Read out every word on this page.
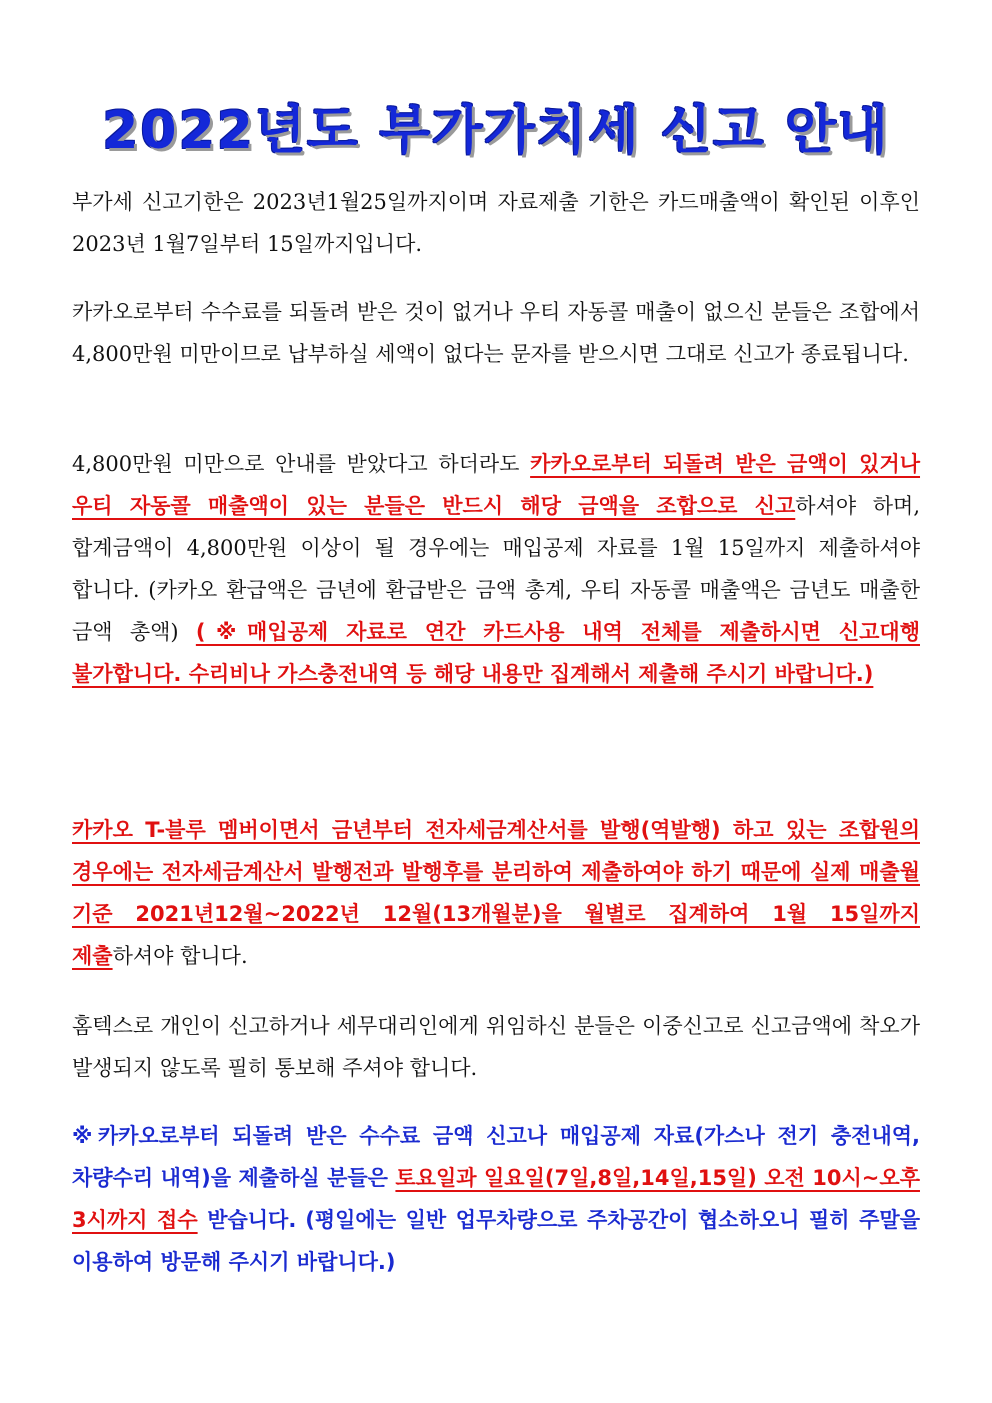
2022년도 부가가치세 신고 안내
부가세 신고기한은 2023년1월25일까지이며 자료제출 기한은 카드매출액이 확인된 이후인 2023년 1월7일부터 15일까지입니다.
카카오로부터 수수료를 되돌려 받은 것이 없거나 우티 자동콜 매출이 없으신 분들은 조합에서 4,800만원 미만이므로 납부하실 세액이 없다는 문자를 받으시면 그대로 신고가 종료됩니다.
4,800만원 미만으로 안내를 받았다고 하더라도 카카오로부터 되돌려 받은 금액이 있거나 우티 자동콜 매출액이 있는 분들은 반드시 해당 금액을 조합으로 신고하셔야 하며, 합계금액이 4,800만원 이상이 될 경우에는 매입공제 자료를 1월 15일까지 제출하셔야 합니다. (카카오 환급액은 금년에 환급받은 금액 총계, 우티 자동콜 매출액은 금년도 매출한 금액 총액) (※매입공제 자료로 연간 카드사용 내역 전체를 제출하시면 신고대행 불가합니다. 수리비나 가스충전내역 등 해당 내용만 집계해서 제출해 주시기 바랍니다.)
카카오 T-블루 멤버이면서 금년부터 전자세금계산서를 발행(역발행) 하고 있는 조합원의 경우에는 전자세금계산서 발행전과 발행후를 분리하여 제출하여야 하기 때문에 실제 매출월 기준 2021년12월~2022년 12월(13개월분)을 월별로 집계하여 1월 15일까지 제출하셔야 합니다.
홈텍스로 개인이 신고하거나 세무대리인에게 위임하신 분들은 이중신고로 신고금액에 착오가 발생되지 않도록 필히 통보해 주셔야 합니다.
※카카오로부터 되돌려 받은 수수료 금액 신고나 매입공제 자료(가스나 전기 충전내역, 차량수리 내역)을 제출하실 분들은 토요일과 일요일(7일,8일,14일,15일) 오전 10시~오후 3시까지 접수 받습니다. (평일에는 일반 업무차량으로 주차공간이 협소하오니 필히 주말을 이용하여 방문해 주시기 바랍니다.)
